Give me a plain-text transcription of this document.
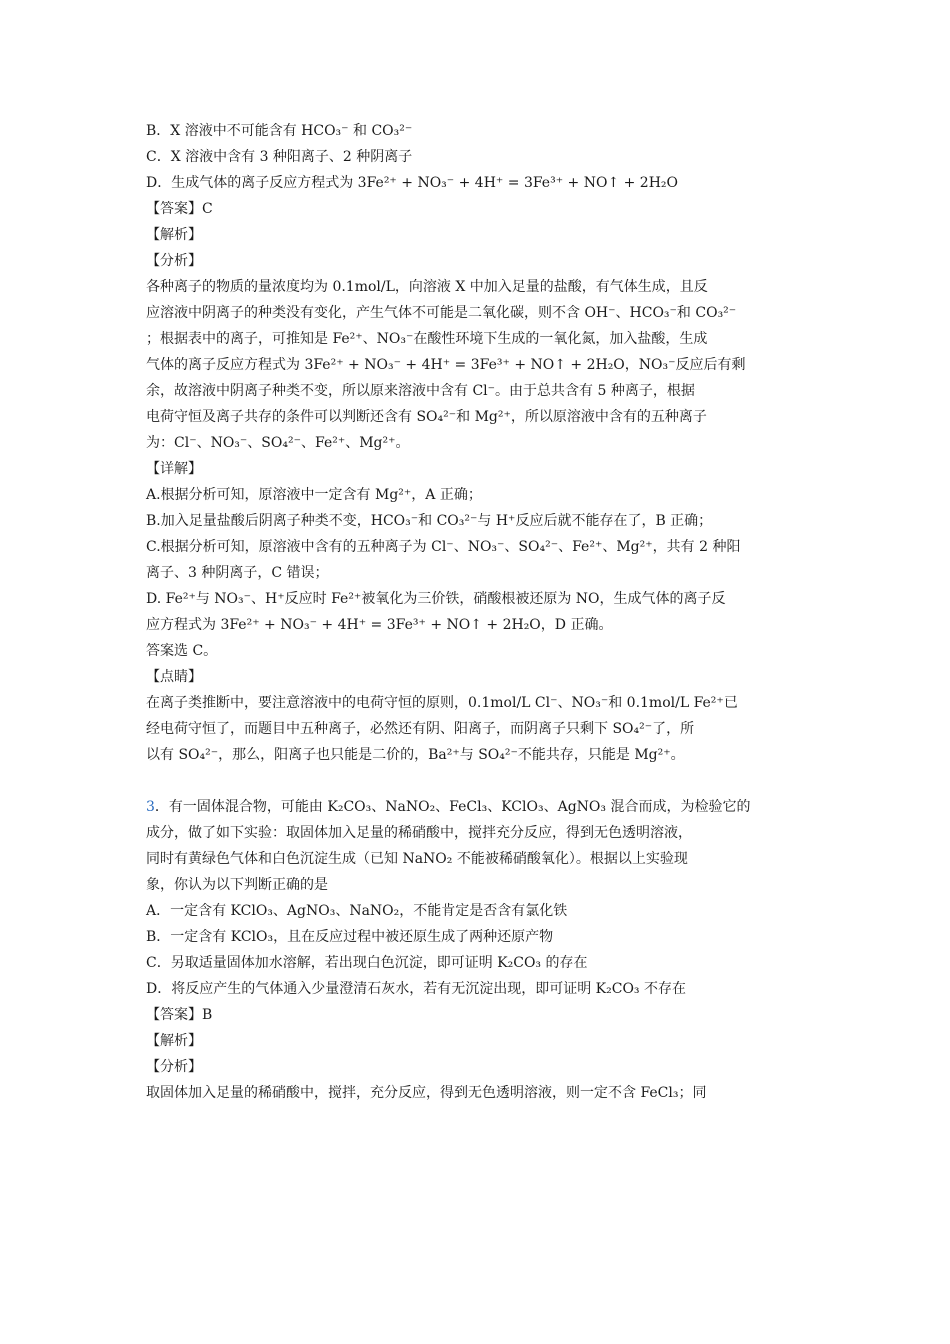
B．X 溶液中不可能含有 HCO₃⁻ 和 CO₃²⁻
C．X 溶液中含有 3 种阳离子、2 种阴离子
D．生成气体的离子反应方程式为 3Fe²⁺ + NO₃⁻ + 4H⁺ = 3Fe³⁺ + NO↑ + 2H₂O
【答案】C
【解析】
【分析】
各种离子的物质的量浓度均为 0.1mol/L，向溶液 X 中加入足量的盐酸，有气体生成，且反
应溶液中阴离子的种类没有变化，产生气体不可能是二氧化碳，则不含 OH⁻、HCO₃⁻和 CO₃²⁻
；根据表中的离子，可推知是 Fe²⁺、NO₃⁻在酸性环境下生成的一氧化氮，加入盐酸，生成
气体的离子反应方程式为 3Fe²⁺ + NO₃⁻ + 4H⁺ = 3Fe³⁺ + NO↑ + 2H₂O，NO₃⁻反应后有剩
余，故溶液中阴离子种类不变，所以原来溶液中含有 Cl⁻。由于总共含有 5 种离子，根据
电荷守恒及离子共存的条件可以判断还含有 SO₄²⁻和 Mg²⁺，所以原溶液中含有的五种离子
为：Cl⁻、NO₃⁻、SO₄²⁻、Fe²⁺、Mg²⁺。
【详解】
A.根据分析可知，原溶液中一定含有 Mg²⁺，A 正确；
B.加入足量盐酸后阴离子种类不变，HCO₃⁻和 CO₃²⁻与 H⁺反应后就不能存在了，B 正确；
C.根据分析可知，原溶液中含有的五种离子为 Cl⁻、NO₃⁻、SO₄²⁻、Fe²⁺、Mg²⁺，共有 2 种阳
离子、3 种阴离子，C 错误；
D. Fe²⁺与 NO₃⁻、H⁺反应时 Fe²⁺被氧化为三价铁，硝酸根被还原为 NO，生成气体的离子反
应方程式为 3Fe²⁺ + NO₃⁻ + 4H⁺ = 3Fe³⁺ + NO↑ + 2H₂O，D 正确。
答案选 C。
【点睛】
在离子类推断中，要注意溶液中的电荷守恒的原则，0.1mol/L Cl⁻、NO₃⁻和 0.1mol/L Fe²⁺已
经电荷守恒了，而题目中五种离子，必然还有阴、阳离子，而阴离子只剩下 SO₄²⁻了，所
以有 SO₄²⁻，那么，阳离子也只能是二价的，Ba²⁺与 SO₄²⁻不能共存，只能是 Mg²⁺。
3．有一固体混合物，可能由 K₂CO₃、NaNO₂、FeCl₃、KClO₃、AgNO₃ 混合而成，为检验它的
成分，做了如下实验：取固体加入足量的稀硝酸中，搅拌充分反应，得到无色透明溶液，
同时有黄绿色气体和白色沉淀生成（已知 NaNO₂ 不能被稀硝酸氧化）。根据以上实验现
象，你认为以下判断正确的是
A．一定含有 KClO₃、AgNO₃、NaNO₂，不能肯定是否含有氯化铁
B．一定含有 KClO₃，且在反应过程中被还原生成了两种还原产物
C．另取适量固体加水溶解，若出现白色沉淀，即可证明 K₂CO₃ 的存在
D．将反应产生的气体通入少量澄清石灰水，若有无沉淀出现，即可证明 K₂CO₃ 不存在
【答案】B
【解析】
【分析】
取固体加入足量的稀硝酸中，搅拌，充分反应，得到无色透明溶液，则一定不含 FeCl₃；同
